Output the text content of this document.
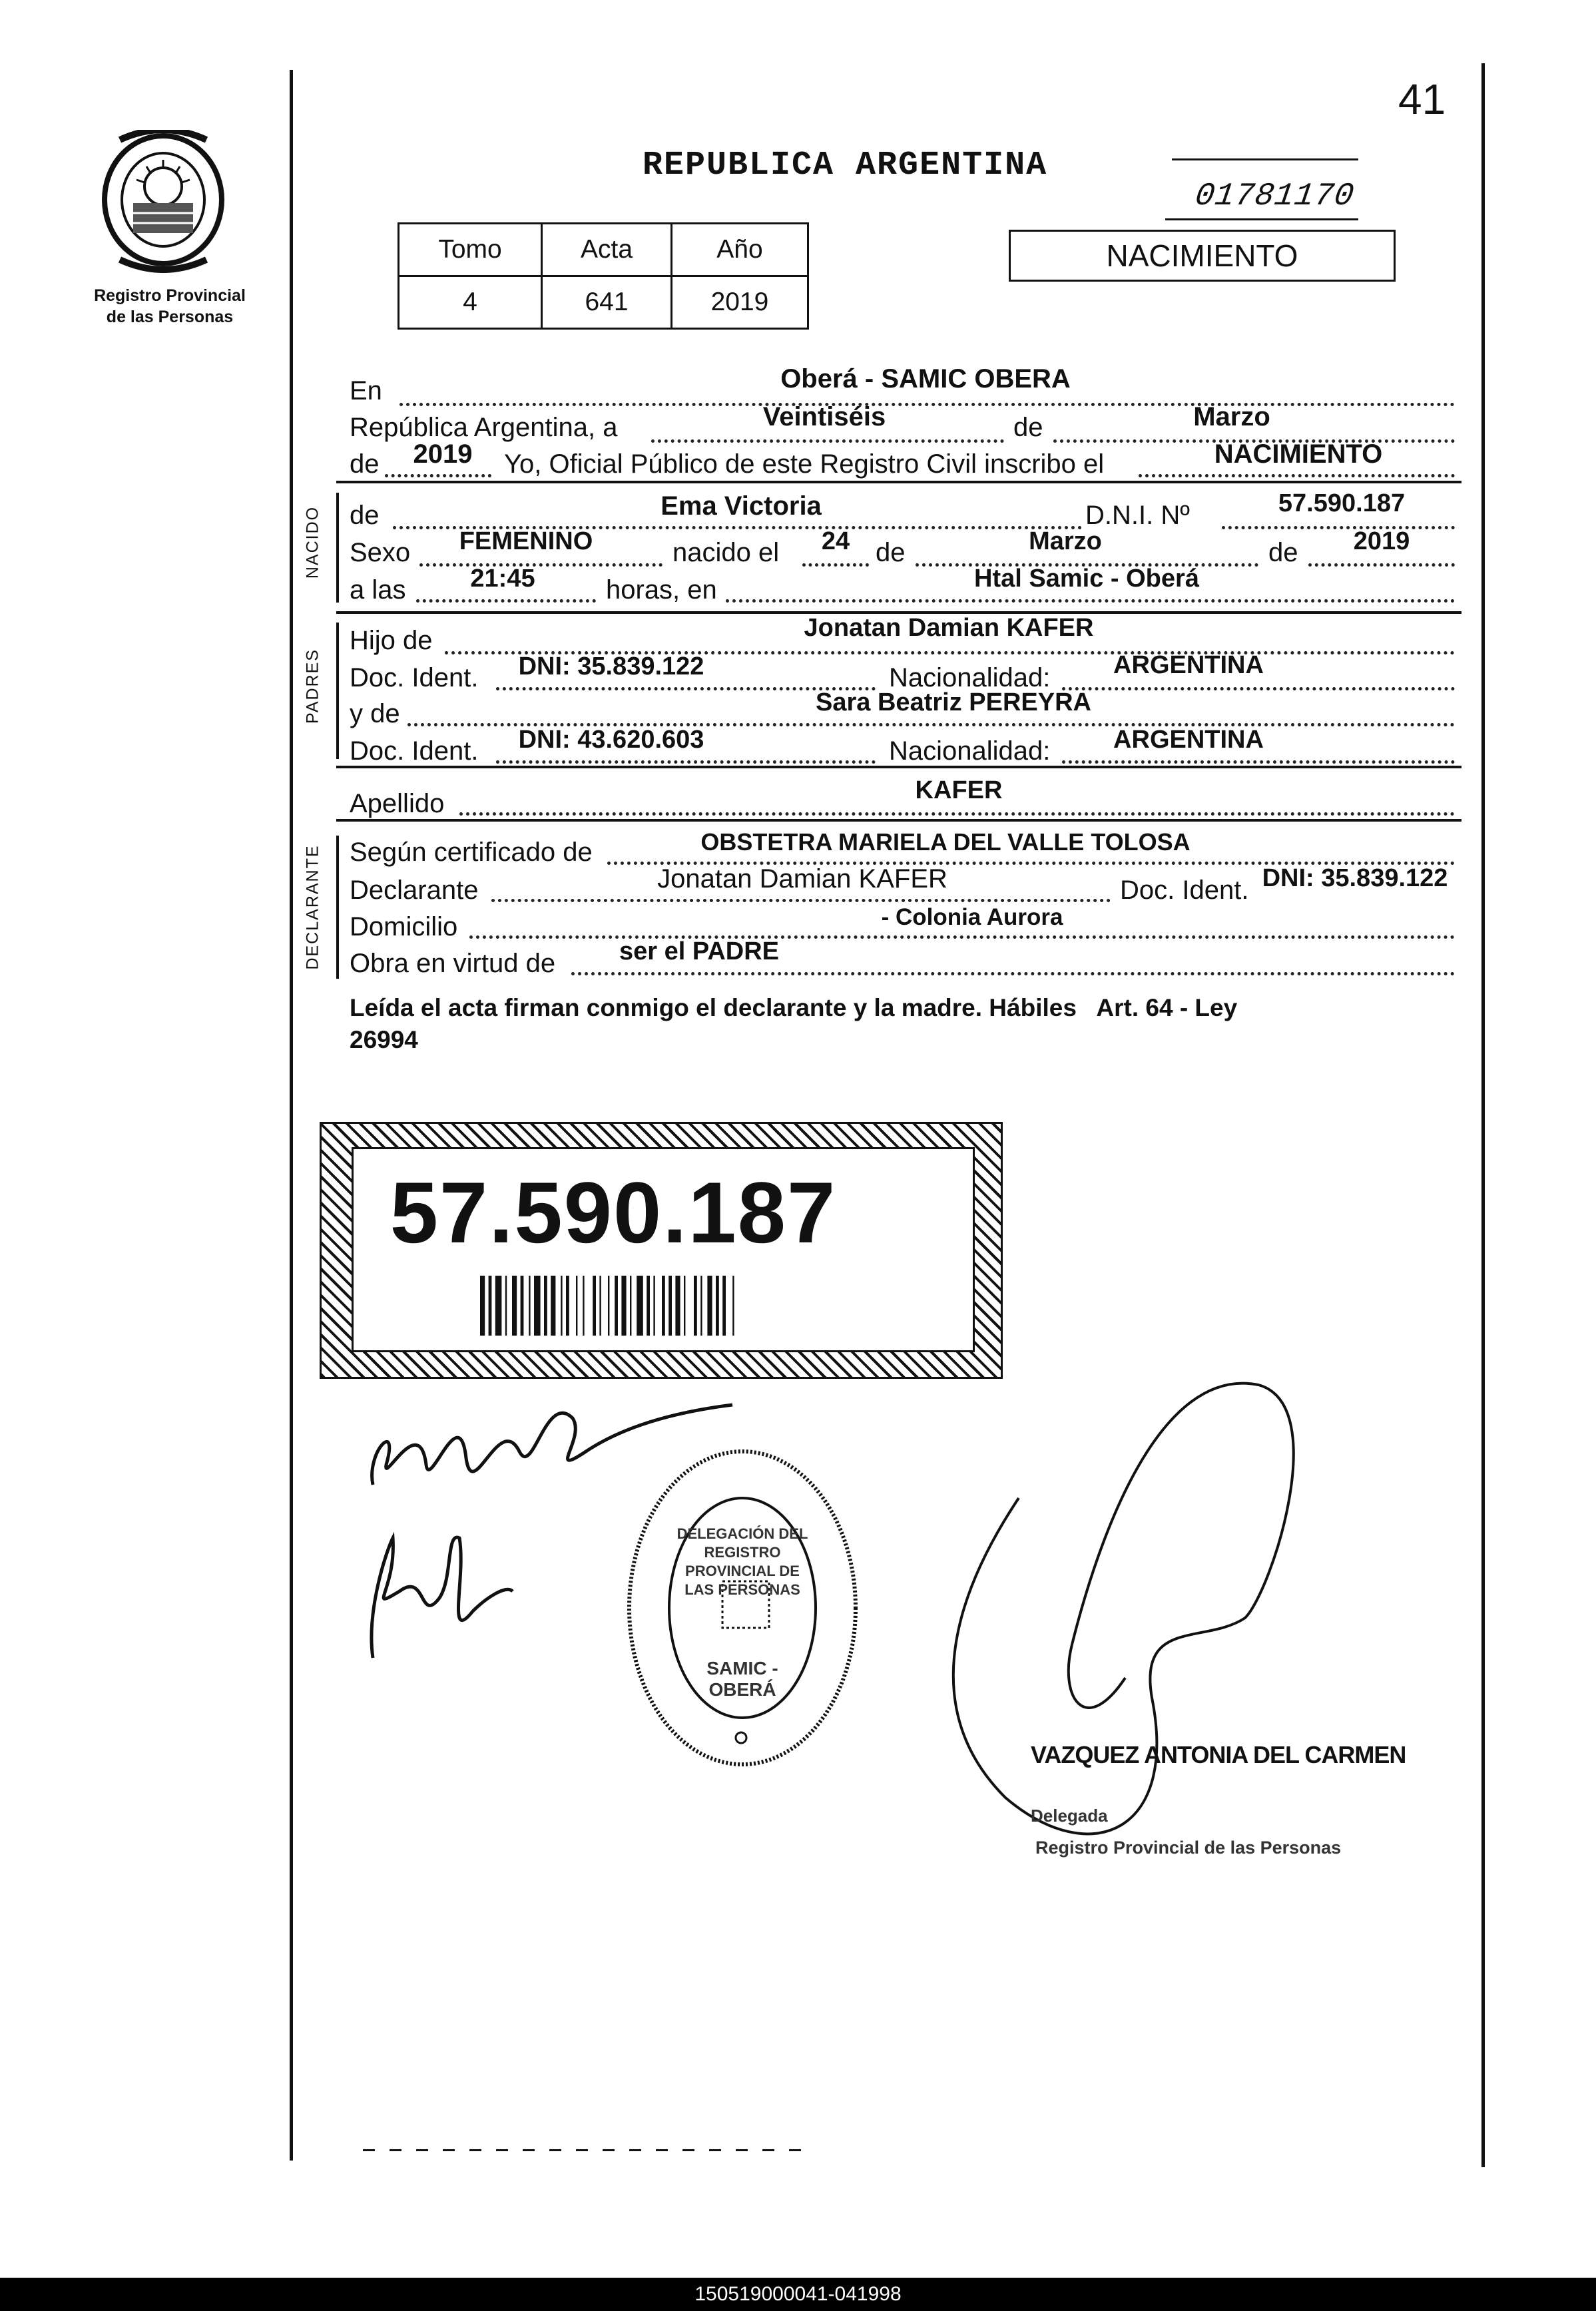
41
Registro Provincial
de las Personas
REPUBLICA ARGENTINA
01781170
Tomo	Acta	Año
4	641	2019
NACIMIENTO
En	Oberá - SAMIC OBERA
República Argentina, a	Veintiséis	de	Marzo
de 2019 Yo, Oficial Público de este Registro Civil inscribo el	NACIMIENTO
NACIDO
PADRES
DECLARANTE
de	Ema Victoria	D.N.I. Nº	57.590.187
Sexo FEMENINO	nacido el 24 de	Marzo	de 2019
a las	21:45	horas, en	Htal Samic - Oberá
Hijo de	Jonatan Damian KAFER
Doc. Ident. DNI: 35.839.122	Nacionalidad: ARGENTINA
y de	Sara Beatriz PEREYRA
Doc. Ident. DNI: 43.620.603	Nacionalidad: ARGENTINA
Apellido	KAFER
Según certificado de	OBSTETRA MARIELA DEL VALLE TOLOSA
Declarante	Jonatan Damian KAFER	Doc. Ident. DNI: 35.839.122
Domicilio	- Colonia Aurora
Obra en virtud de	ser el PADRE
Leída el acta firman conmigo el declarante y la madre. Hábiles   Art. 64 - Ley
26994
57.590.187
DELEGACIÓN DEL REGISTRO PROVINCIAL DE LAS PERSONAS
SAMIC - OBERÁ
VAZQUEZ ANTONIA DEL CARMEN
Delegada
Registro Provincial de las Personas
150519000041-041998
